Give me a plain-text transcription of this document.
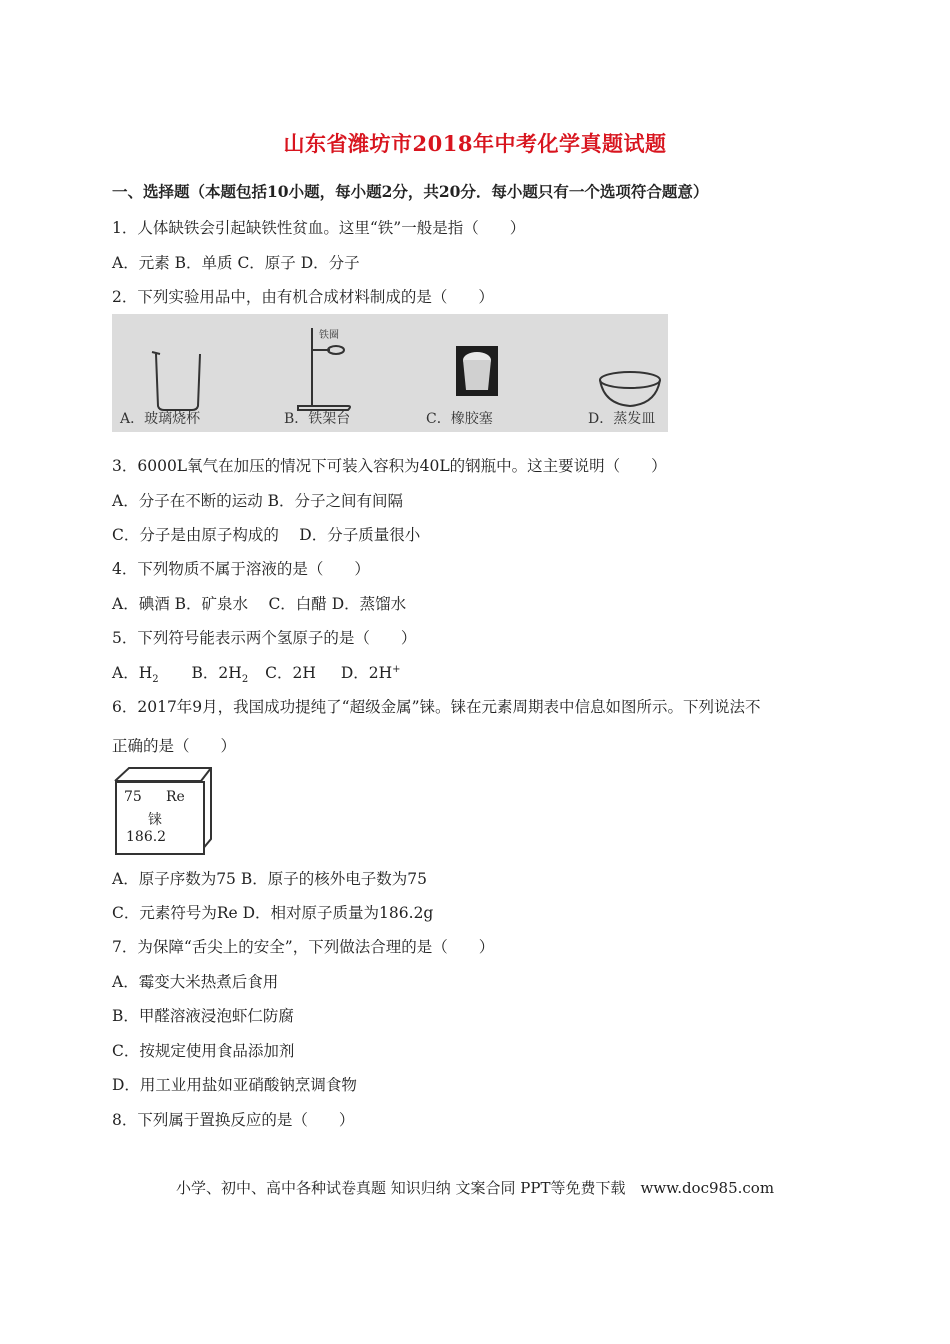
山东省潍坊市2018年中考化学真题试题
一、选择题（本题包括10小题，每小题2分，共20分．每小题只有一个选项符合题意）
1．人体缺铁会引起缺铁性贫血。这里“铁”一般是指（　　）
A．元素 B．单质 C．原子 D．分子
2．下列实验用品中，由有机合成材料制成的是（　　）
铁圈
A．玻璃烧杯	B．铁架台	C．橡胶塞	D．蒸发皿
3．6000L氧气在加压的情况下可装入容积为40L的钢瓶中。这主要说明（　　）
A．分子在不断的运动 B．分子之间有间隔
C．分子是由原子构成的　 D．分子质量很小
4．下列物质不属于溶液的是（　　）
A．碘酒 B．矿泉水　 C．白醋 D．蒸馏水
5．下列符号能表示两个氢原子的是（　　）
A．$H_2$ B．$2H_2$ C．2H D．2H+
6．2017年9月，我国成功提纯了“超级金属”铼。铼在元素周期表中信息如图所示。下列说法不
正确的是（　　）
75 Re
铼
186.2
A．原子序数为75 B．原子的核外电子数为75
C．元素符号为Re D．相对原子质量为186.2g
7．为保障“舌尖上的安全”，下列做法合理的是（　　）
A．霉变大米热煮后食用
B．甲醛溶液浸泡虾仁防腐
C．按规定使用食品添加剂
D．用工业用盐如亚硝酸钠烹调食物
8．下列属于置换反应的是（　　）
小学、初中、高中各种试卷真题 知识归纳 文案合同 PPT等免费下载　www.doc985.com
